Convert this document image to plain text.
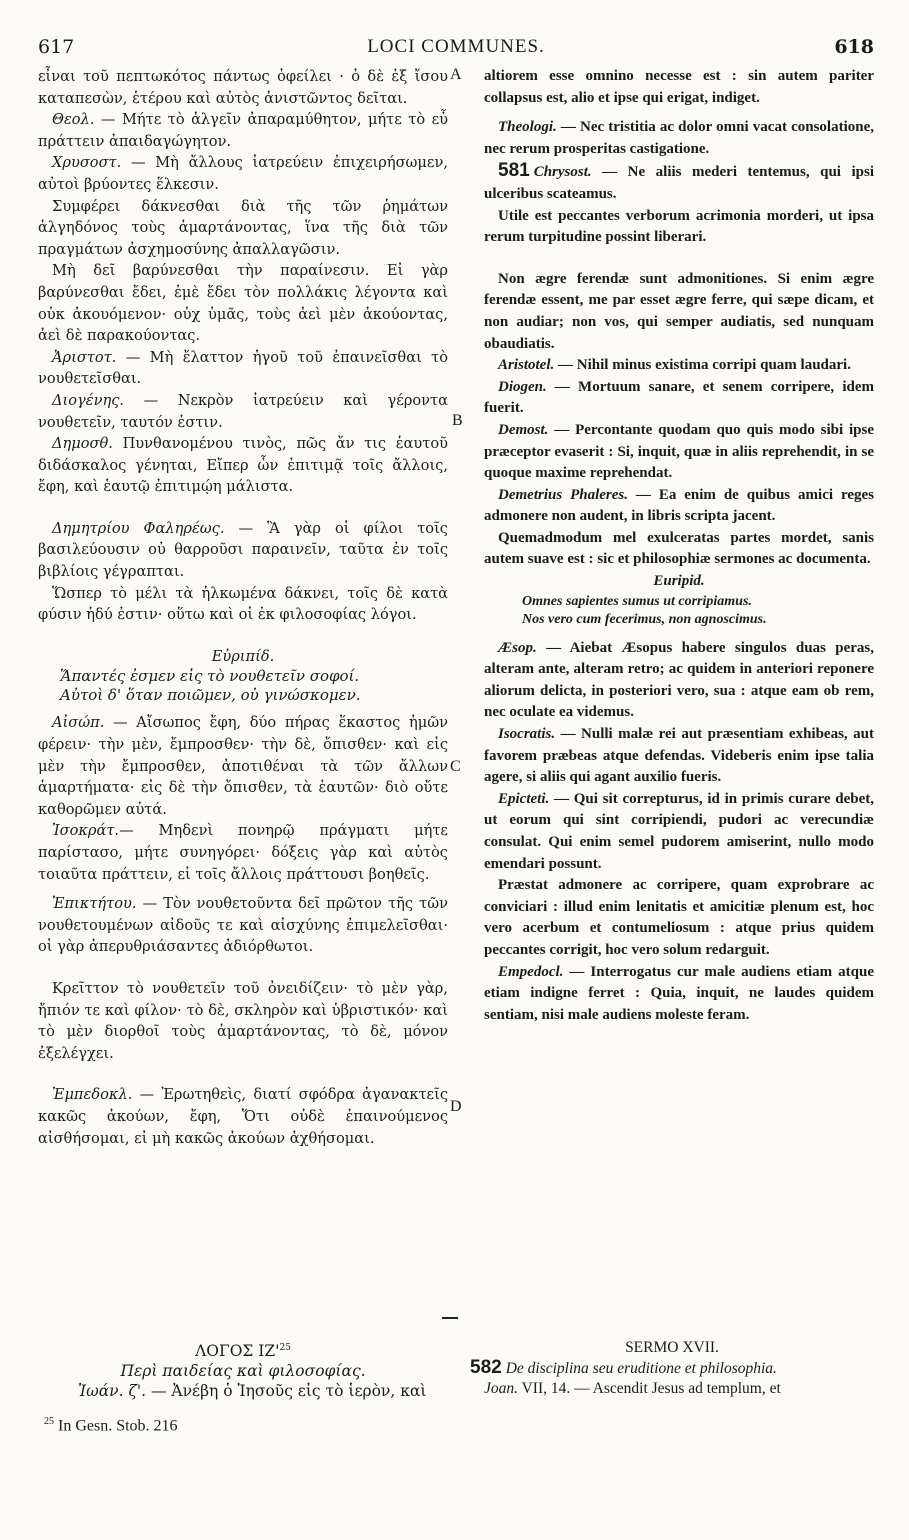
617	LOCI COMMUNES.	618
A
B
C
D

εἶναι τοῦ πεπτωκότος πάντως ὀφείλει · ὁ δὲ ἐξ ἴσου καταπεσὼν, ἑτέρου καὶ αὐτὸς ἀνιστῶντος δεῖται.

Θεολ. — Μήτε τὸ ἀλγεῖν ἀπαραμύθητον, μήτε τὸ εὖ πράττειν ἀπαιδαγώγητον.

Χρυσοστ. — Μὴ ἄλλους ἰατρεύειν ἐπιχειρήσωμεν, αὐτοὶ βρύοντες ἕλκεσιν.

Συμφέρει δάκνεσθαι διὰ τῆς τῶν ῥημάτων ἀλγηδόνος τοὺς ἁμαρτάνοντας, ἵνα τῆς διὰ τῶν πραγμάτων ἀσχημοσύνης ἀπαλλαγῶσιν.

Μὴ δεῖ βαρύνεσθαι τὴν παραίνεσιν. Εἰ γὰρ βαρύνεσθαι ἔδει, ἐμὲ ἔδει τὸν πολλάκις λέγοντα καὶ οὐκ ἀκουόμενον· οὐχ ὑμᾶς, τοὺς ἀεὶ μὲν ἀκούοντας, ἀεὶ δὲ παρακούοντας.

Ἀριστοτ. — Μὴ ἔλαττον ἡγοῦ τοῦ ἐπαινεῖσθαι τὸ νουθετεῖσθαι.

Διογένης. — Νεκρὸν ἰατρεύειν καὶ γέροντα νουθετεῖν, ταυτόν ἐστιν.

Δημοσθ. Πυνθανομένου τινὸς, πῶς ἄν τις ἑαυτοῦ διδάσκαλος γένηται, Εἴπερ ὧν ἐπιτιμᾷ τοῖς ἄλλοις, ἔφη, καὶ ἑαυτῷ ἐπιτιμῴη μάλιστα.

Δημητρίου Φαληρέως. — Ἃ γὰρ οἱ φίλοι τοῖς βασιλεύουσιν οὐ θαρροῦσι παραινεῖν, ταῦτα ἐν τοῖς βιβλίοις γέγραπται.

Ὥσπερ τὸ μέλι τὰ ἡλκωμένα δάκνει, τοῖς δὲ κατὰ φύσιν ἡδύ ἐστιν· οὕτω καὶ οἱ ἐκ φιλοσοφίας λόγοι.

Εὐριπίδ.

Ἅπαντές ἐσμεν εἰς τὸ νουθετεῖν σοφοί.

Αὐτοὶ δ' ὅταν ποιῶμεν, οὐ γινώσκομεν.

Αἰσώπ. — Αἴσωπος ἔφη, δύο πήρας ἕκαστος ἡμῶν φέρειν· τὴν μὲν, ἔμπροσθεν· τὴν δὲ, ὄπισθεν· καὶ εἰς μὲν τὴν ἔμπροσθεν, ἀποτιθέναι τὰ τῶν ἄλλων ἁμαρτήματα· εἰς δὲ τὴν ὄπισθεν, τὰ ἑαυτῶν· διὸ οὔτε καθορῶμεν αὐτά.

Ἰσοκράτ.— Μηδενὶ πονηρῷ πράγματι μήτε παρίστασο, μήτε συνηγόρει· δόξεις γὰρ καὶ αὐτὸς τοιαῦτα πράττειν, εἰ τοῖς ἄλλοις πράττουσι βοηθεῖς.

Ἐπικτήτου. — Τὸν νουθετοῦντα δεῖ πρῶτον τῆς τῶν νουθετουμένων αἰδοῦς τε καὶ αἰσχύνης ἐπιμελεῖσθαι· οἱ γὰρ ἀπερυθριάσαντες ἀδιόρθωτοι.

Κρεῖττον τὸ νουθετεῖν τοῦ ὀνειδίζειν· τὸ μὲν γὰρ, ἤπιόν τε καὶ φίλον· τὸ δὲ, σκληρὸν καὶ ὑβριστικόν· καὶ τὸ μὲν διορθοῖ τοὺς ἁμαρτάνοντας, τὸ δὲ, μόνον ἐξελέγχει.

Ἐμπεδοκλ. — Ἐρωτηθεὶς, διατί σφόδρα ἀγανακτεῖς κακῶς ἀκούων, ἔφη, Ὅτι οὐδὲ ἐπαινούμενος αἰσθήσομαι, εἰ μὴ κακῶς ἀκούων ἀχθήσομαι.

altiorem esse omnino necesse est : sin autem pariter collapsus est, alio et ipse qui erigat, indiget.

Theologi. — Nec tristitia ac dolor omni vacat consolatione, nec rerum prosperitas castigatione.

581 Chrysost. — Ne aliis mederi tentemus, qui ipsi ulceribus scateamus.

Utile est peccantes verborum acrimonia morderi, ut ipsa rerum turpitudine possint liberari.

Non ægre ferendæ sunt admonitiones. Si enim ægre ferendæ essent, me par esset ægre ferre, qui sæpe dicam, et non audiar; non vos, qui semper audiatis, sed nunquam obaudiatis.

Aristotel. — Nihil minus existima corripi quam laudari.

Diogen. — Mortuum sanare, et senem corripere, idem fuerit.

Demost. — Percontante quodam quo quis modo sibi ipse præceptor evaserit : Si, inquit, quæ in aliis reprehendit, in se quoque maxime reprehendat.

Demetrius Phaleres. — Ea enim de quibus amici reges admonere non audent, in libris scripta jacent.

Quemadmodum mel exulceratas partes mordet, sanis autem suave est : sic et philosophiæ sermones ac documenta.

Euripid.

Omnes sapientes sumus ut corripiamus.

Nos vero cum fecerimus, non agnoscimus.

Æsop. — Aiebat Æsopus habere singulos duas peras, alteram ante, alteram retro; ac quidem in anteriori reponere aliorum delicta, in posteriori vero, sua : atque eam ob rem, nec oculate ea videmus.

Isocratis. — Nulli malæ rei aut præsentiam exhibeas, aut favorem præbeas atque defendas. Videberis enim ipse talia agere, si aliis qui agant auxilio fueris.

Epicteti. — Qui sit correpturus, id in primis curare debet, ut eorum qui sint corripiendi, pudori ac verecundiæ consulat. Qui enim semel pudorem amiserint, nullo modo emendari possunt.

Præstat admonere ac corripere, quam exprobrare ac conviciari : illud enim lenitatis et amicitiæ plenum est, hoc vero acerbum et contumeliosum : atque prius quidem peccantes corrigit, hoc vero solum redarguit.

Empedocl. — Interrogatus cur male audiens etiam atque etiam indigne ferret : Quia, inquit, ne laudes quidem sentiam, nisi male audiens moleste feram.

ΛΟΓΟΣ $IZ'^{25}$

Περὶ παιδείας καὶ φιλοσοφίας.

Ἰωάν. ζ'. — Ἀνέβη ὁ Ἰησοῦς εἰς τὸ ἱερὸν, καὶ

SERMO XVII.

582 De disciplina seu eruditione et philosophia.

Joan. VII, 14. — Ascendit Jesus ad templum, et

$^{25}$ In Gesn. Stob. 216
